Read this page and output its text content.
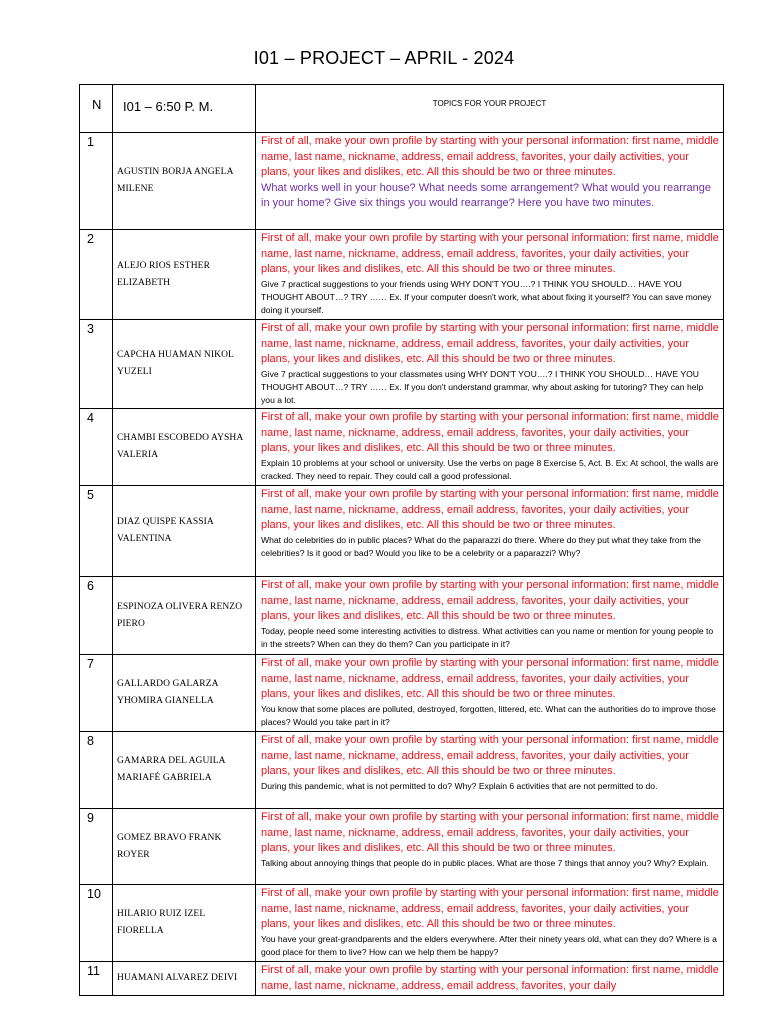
I01 – PROJECT – APRIL - 2024
N	I01 – 6:50 P. M.	TOPICS FOR YOUR PROJECT
1	AGUSTIN BORJA ANGELA MILENE	First of all, make your own profile by starting with your personal information: first name, middle name, last name, nickname, address, email address, favorites, your daily activities, your plans, your likes and dislikes, etc. All this should be two or three minutes.
What works well in your house? What needs some arrangement? What would you rearrange in your home? Give six things you would rearrange? Here you have two minutes.

2	ALEJO RIOS ESTHER ELIZABETH	First of all, make your own profile by starting with your personal information: first name, middle name, last name, nickname, address, email address, favorites, your daily activities, your plans, your likes and dislikes, etc. All this should be two or three minutes.
Give 7 practical suggestions to your friends using WHY DON'T YOU….? I THINK YOU SHOULD… HAVE YOU THOUGHT ABOUT…? TRY …… Ex. If your computer doesn't work, what about fixing it yourself? You can save money doing it yourself.

3	CAPCHA HUAMAN NIKOL YUZELI	First of all, make your own profile by starting with your personal information: first name, middle name, last name, nickname, address, email address, favorites, your daily activities, your plans, your likes and dislikes, etc. All this should be two or three minutes.
Give 7 practical suggestions to your classmates using WHY DON'T YOU….? I THINK YOU SHOULD… HAVE YOU THOUGHT ABOUT…? TRY …… Ex. If you don't understand grammar, why about asking for tutoring? They can help you a lot.

4	CHAMBI ESCOBEDO AYSHA VALERIA	First of all, make your own profile by starting with your personal information: first name, middle name, last name, nickname, address, email address, favorites, your daily activities, your plans, your likes and dislikes, etc. All this should be two or three minutes.
Explain 10 problems at your school or university. Use the verbs on page 8 Exercise 5, Act. B. Ex: At school, the walls are cracked. They need to repair. They could call a good professional.

5	DIAZ QUISPE KASSIA VALENTINA	First of all, make your own profile by starting with your personal information: first name, middle name, last name, nickname, address, email address, favorites, your daily activities, your plans, your likes and dislikes, etc. All this should be two or three minutes.
What do celebrities do in public places? What do the paparazzi do there. Where do they put what they take from the celebrities? Is it good or bad? Would you like to be a celebrity or a paparazzi? Why?

6	ESPINOZA OLIVERA RENZO PIERO	First of all, make your own profile by starting with your personal information: first name, middle name, last name, nickname, address, email address, favorites, your daily activities, your plans, your likes and dislikes, etc. All this should be two or three minutes.
Today, people need some interesting activities to distress. What activities can you name or mention for young people to in the streets? When can they do them? Can you participate in it?

7	GALLARDO GALARZA YHOMIRA GIANELLA	First of all, make your own profile by starting with your personal information: first name, middle name, last name, nickname, address, email address, favorites, your daily activities, your plans, your likes and dislikes, etc. All this should be two or three minutes.
You know that some places are polluted, destroyed, forgotten, littered, etc. What can the authorities do to improve those places? Would you take part in it?

8	GAMARRA DEL AGUILA MARIAFÉ GABRIELA	First of all, make your own profile by starting with your personal information: first name, middle name, last name, nickname, address, email address, favorites, your daily activities, your plans, your likes and dislikes, etc. All this should be two or three minutes.
During this pandemic, what is not permitted to do? Why? Explain 6 activities that are not permitted to do.

9	GOMEZ BRAVO FRANK ROYER	First of all, make your own profile by starting with your personal information: first name, middle name, last name, nickname, address, email address, favorites, your daily activities, your plans, your likes and dislikes, etc. All this should be two or three minutes.
Talking about annoying things that people do in public places. What are those 7 things that annoy you? Why? Explain.

10	HILARIO RUIZ IZEL FIORELLA	First of all, make your own profile by starting with your personal information: first name, middle name, last name, nickname, address, email address, favorites, your daily activities, your plans, your likes and dislikes, etc. All this should be two or three minutes.
You have your great-grandparents and the elders everywhere. After their ninety years old, what can they do? Where is a good place for them to live? How can we help them be happy?

11	HUAMANI ALVAREZ DEIVI	First of all, make your own profile by starting with your personal information: first name, middle name, last name, nickname, address, email address, favorites, your daily
